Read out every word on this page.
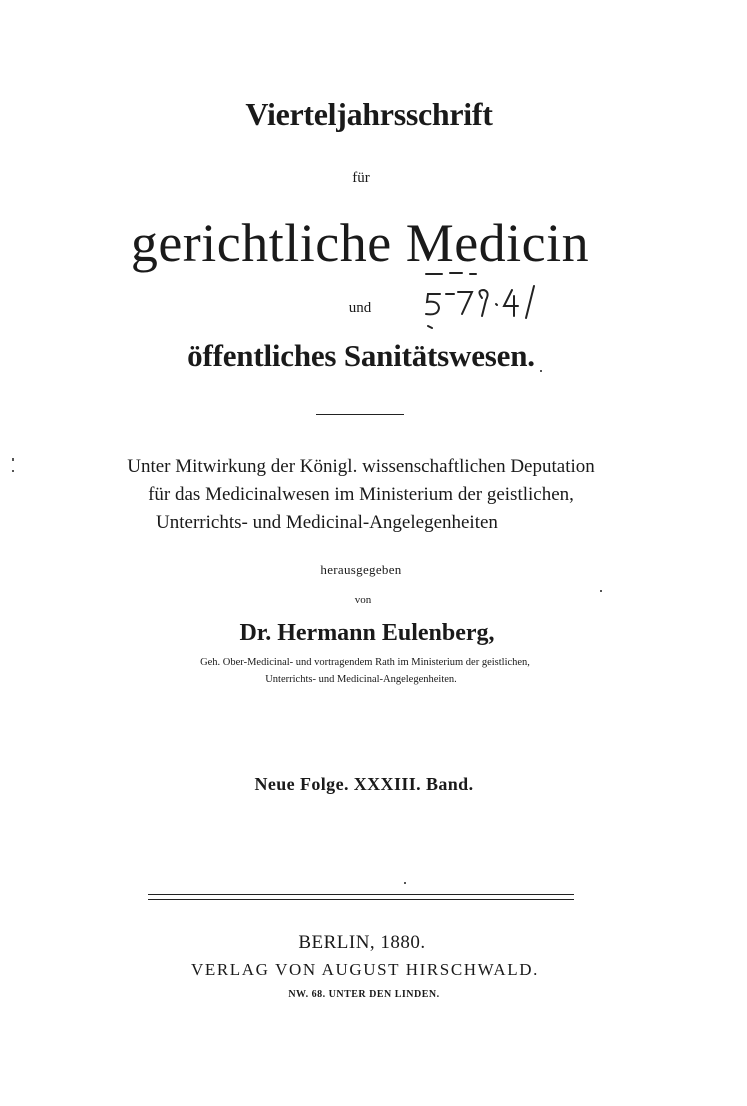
Vierteljahrsschrift
für
gerichtliche Medicin
und
öffentliches Sanitätswesen.
Unter Mitwirkung der Königl. wissenschaftlichen Deputation
für das Medicinalwesen im Ministerium der geistlichen,
Unterrichts- und Medicinal-Angelegenheiten
herausgegeben
von
Dr. Hermann Eulenberg,
Geh. Ober-Medicinal- und vortragendem Rath im Ministerium der geistlichen,
Unterrichts- und Medicinal-Angelegenheiten.
Neue Folge. XXXIII. Band.
BERLIN, 1880.
VERLAG VON AUGUST HIRSCHWALD.
NW. 68. UNTER DEN LINDEN.
